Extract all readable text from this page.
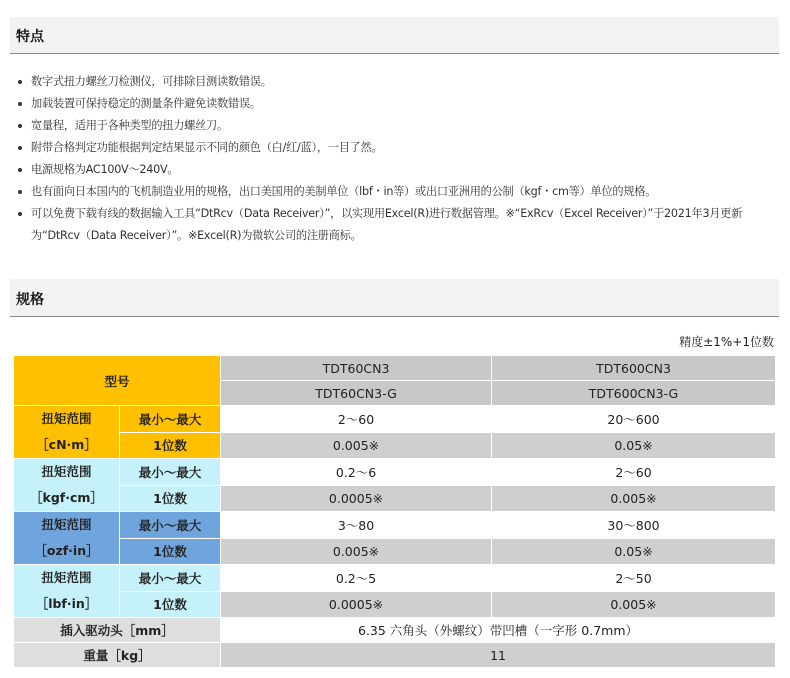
特点
数字式扭力螺丝刀检测仪，可排除目测读数错误。
加载装置可保持稳定的测量条件避免读数错误。
宽量程，适用于各种类型的扭力螺丝刀。
附带合格判定功能根据判定结果显示不同的颜色（白/红/蓝），一目了然。
电源规格为AC100V～240V。
也有面向日本国内的飞机制造业用的规格，出口美国用的美制单位（lbf・in等）或出口亚洲用的公制（kgf・cm等）单位的规格。
可以免费下载有线的数据输入工具“DtRcv（Data Receiver）”，以实现用Excel(R)进行数据管理。※“ExRcv（Excel Receiver）”于2021年3月更新为“DtRcv（Data Receiver）”。※Excel(R)为微软公司的注册商标。
规格
精度±1%+1位数
型号		TDT60CN3	TDT600CN3
		TDT60CN3-G	TDT600CN3-G

扭矩范围
［cN·m］	最小～最大	2～60	20～600
	1位数	0.005※	0.05※

扭矩范围
［kgf·cm］	最小～最大	0.2～6	2～60
	1位数	0.0005※	0.005※

扭矩范围
［ozf·in］	最小～最大	3～80	30～800
	1位数	0.005※	0.05※

扭矩范围
［lbf·in］	最小～最大	0.2～5	2～50
	1位数	0.0005※	0.005※
插入驱动头［mm］		6.35 六角头（外螺纹）带凹槽（一字形 0.7mm）	
重量［kg］		11	
